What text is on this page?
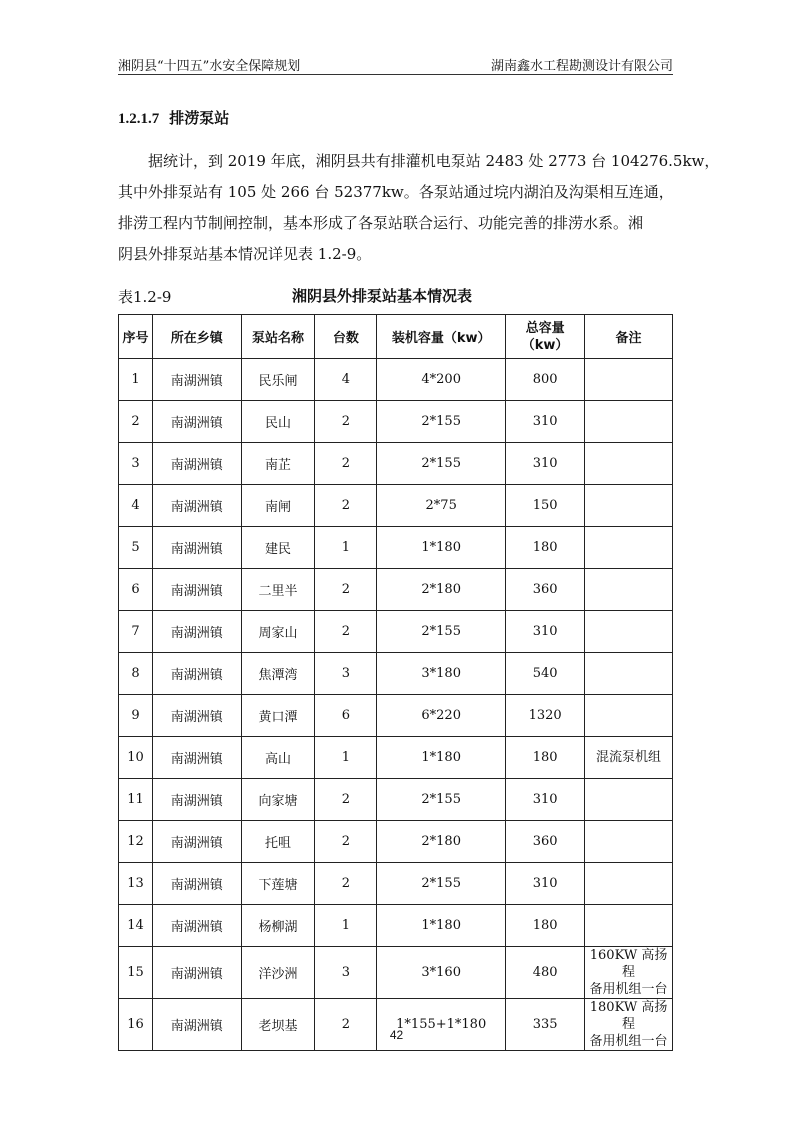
湘阴县“十四五”水安全保障规划	湖南鑫水工程勘测设计有限公司
1.2.1.7 排涝泵站
据统计，到 2019 年底，湘阴县共有排灌机电泵站 2483 处 2773 台 104276.5kw，
其中外排泵站有 105 处 266 台 52377kw。各泵站通过垸内湖泊及沟渠相互连通，
排涝工程内节制闸控制，基本形成了各泵站联合运行、功能完善的排涝水系。湘
阴县外排泵站基本情况详见表 1.2-9。
表1.2-9	湘阴县外排泵站基本情况表
序号	所在乡镇	泵站名称	台数	装机容量（kw）	总容量（kw）	备注
1	南湖洲镇	民乐闸	4	4*200	800	

2	南湖洲镇	民山	2	2*155	310	

3	南湖洲镇	南芷	2	2*155	310	

4	南湖洲镇	南闸	2	2*75	150	

5	南湖洲镇	建民	1	1*180	180	

6	南湖洲镇	二里半	2	2*180	360	

7	南湖洲镇	周家山	2	2*155	310	

8	南湖洲镇	焦潭湾	3	3*180	540	

9	南湖洲镇	黄口潭	6	6*220	1320	

10	南湖洲镇	高山	1	1*180	180	混流泵机组

11	南湖洲镇	向家塘	2	2*155	310	

12	南湖洲镇	托咀	2	2*180	360	

13	南湖洲镇	下莲塘	2	2*155	310	

14	南湖洲镇	杨柳湖	1	1*180	180	

15	南湖洲镇	洋沙洲	3	3*160	480	160KW 高扬程
备用机组一台

16	南湖洲镇	老坝基	2	1*155+1*180	335	180KW 高扬程
备用机组一台
42
